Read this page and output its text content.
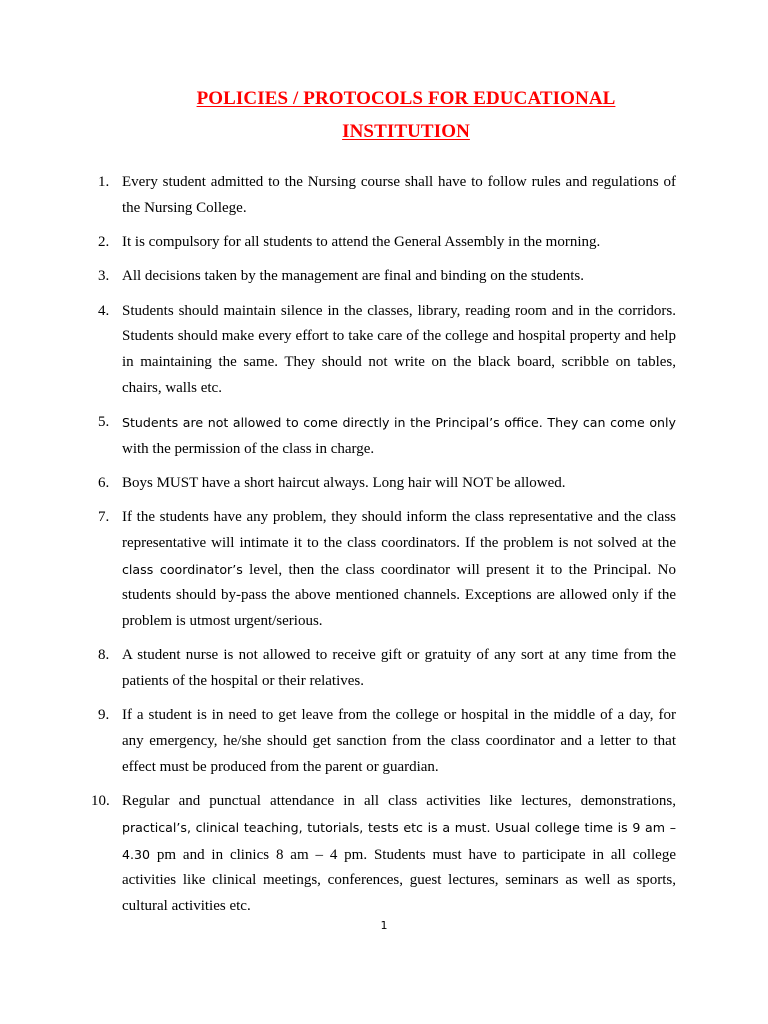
POLICIES / PROTOCOLS FOR EDUCATIONAL
INSTITUTION
1. Every student admitted to the Nursing course shall have to follow rules and regulations of the Nursing College.
2. It is compulsory for all students to attend the General Assembly in the morning.
3. All decisions taken by the management are final and binding on the students.
4. Students should maintain silence in the classes, library, reading room and in the corridors. Students should make every effort to take care of the college and hospital property and help in maintaining the same. They should not write on the black board, scribble on tables, chairs, walls etc.
5. Students are not allowed to come directly in the Principal’s office. They can come only with the permission of the class in charge.
6. Boys MUST have a short haircut always. Long hair will NOT be allowed.
7. If the students have any problem, they should inform the class representative and the class representative will intimate it to the class coordinators. If the problem is not solved at the class coordinator’s level, then the class coordinator will present it to the Principal. No students should by-pass the above mentioned channels. Exceptions are allowed only if the problem is utmost urgent/serious.
8. A student nurse is not allowed to receive gift or gratuity of any sort at any time from the patients of the hospital or their relatives.
9. If a student is in need to get leave from the college or hospital in the middle of a day, for any emergency, he/she should get sanction from the class coordinator and a letter to that effect must be produced from the parent or guardian.
10. Regular and punctual attendance in all class activities like lectures, demonstrations, practical’s, clinical teaching, tutorials, tests etc is a must. Usual college time is 9 am – 4.30 pm and in clinics 8 am – 4 pm. Students must have to participate in all college activities like clinical meetings, conferences, guest lectures, seminars as well as sports, cultural activities etc.
1
